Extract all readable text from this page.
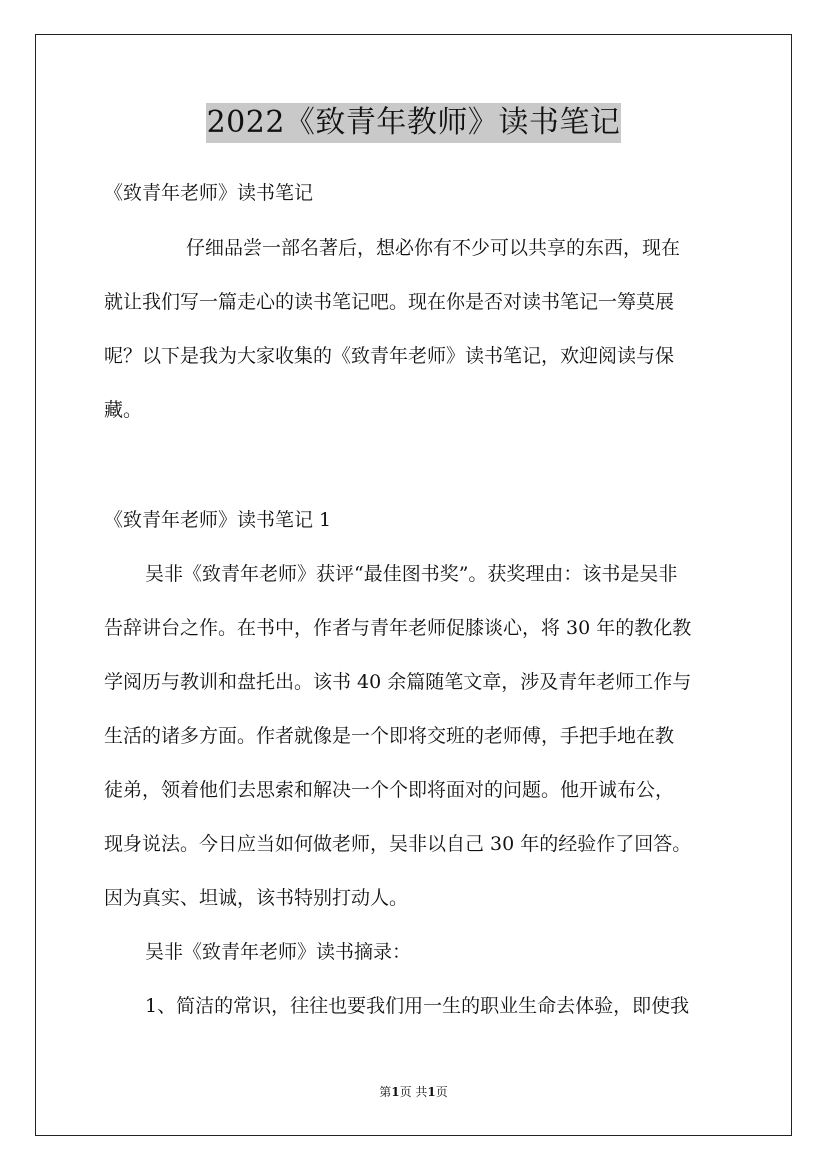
2022《致青年教师》读书笔记
《致青年老师》读书笔记
仔细品尝一部名著后，想必你有不少可以共享的东西，现在
就让我们写一篇走心的读书笔记吧。现在你是否对读书笔记一筹莫展
呢？以下是我为大家收集的《致青年老师》读书笔记，欢迎阅读与保
藏。
《致青年老师》读书笔记 1
吴非《致青年老师》获评“最佳图书奖”。获奖理由：该书是吴非
告辞讲台之作。在书中，作者与青年老师促膝谈心，将 30 年的教化教
学阅历与教训和盘托出。该书 40 余篇随笔文章，涉及青年老师工作与
生活的诸多方面。作者就像是一个即将交班的老师傅，手把手地在教
徒弟，领着他们去思索和解决一个个即将面对的问题。他开诚布公，
现身说法。今日应当如何做老师，吴非以自己 30 年的经验作了回答。
因为真实、坦诚，该书特别打动人。
吴非《致青年老师》读书摘录：
1、简洁的常识，往往也要我们用一生的职业生命去体验，即使我
第1页 共1页
